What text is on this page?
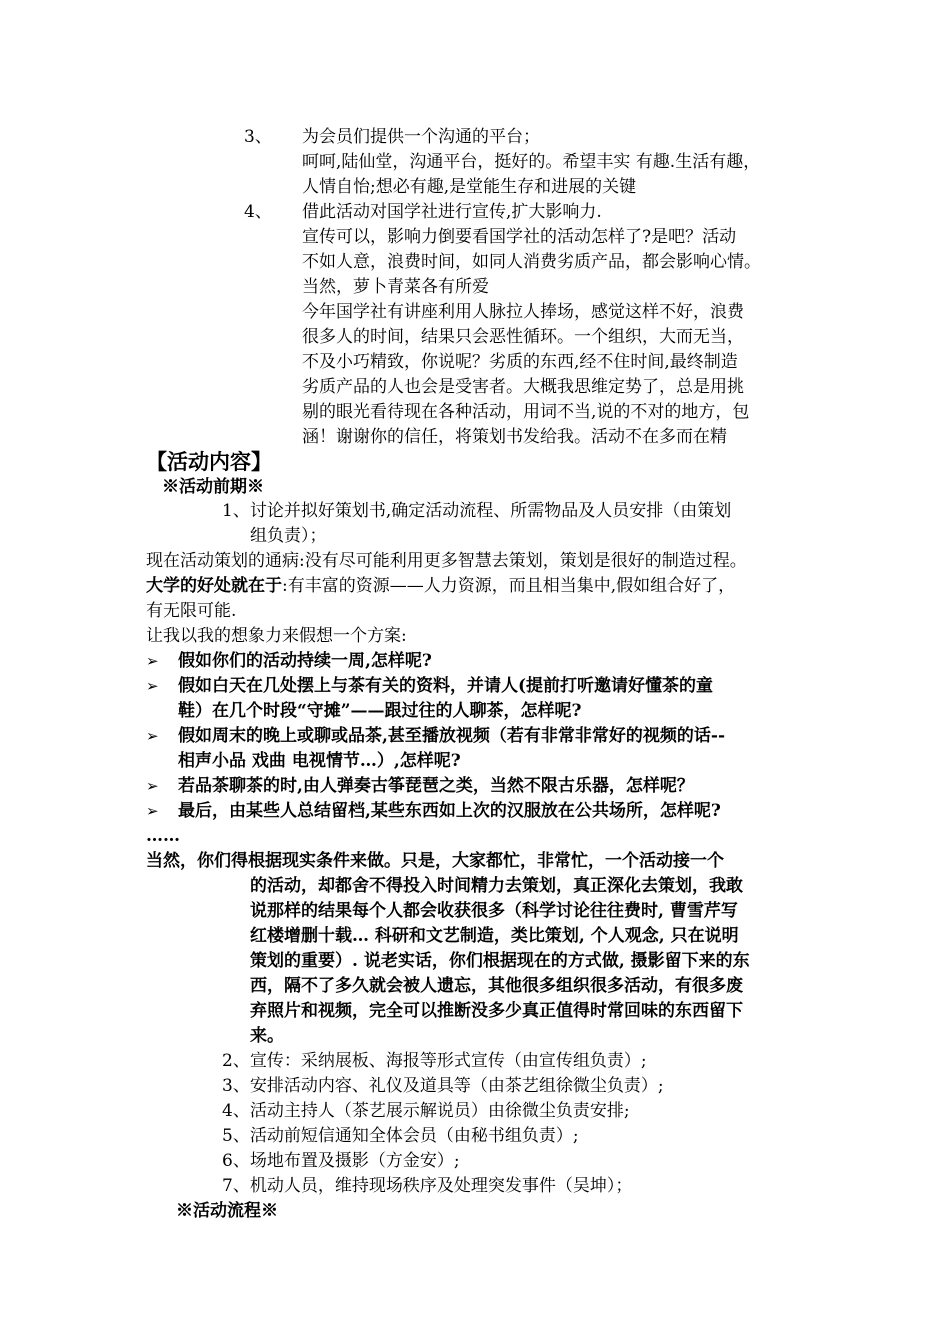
3、 为会员们提供一个沟通的平台；
呵呵,陆仙堂，沟通平台，挺好的。希望丰实 有趣.生活有趣，
人情自怡;想必有趣,是堂能生存和进展的关键
4、 借此活动对国学社进行宣传,扩大影响力.
宣传可以，影响力倒要看国学社的活动怎样了?是吧？活动
不如人意，浪费时间，如同人消费劣质产品，都会影响心情。
当然，萝卜青菜各有所爱
今年国学社有讲座利用人脉拉人捧场，感觉这样不好，浪费
很多人的时间，结果只会恶性循环。一个组织，大而无当，
不及小巧精致，你说呢？劣质的东西,经不住时间,最终制造
劣质产品的人也会是受害者。大概我思维定势了，总是用挑
剔的眼光看待现在各种活动，用词不当,说的不对的地方，包
涵！谢谢你的信任，将策划书发给我。活动不在多而在精
【活动内容】
※活动前期※
1、讨论并拟好策划书,确定活动流程、所需物品及人员安排（由策划
组负责）；
现在活动策划的通病:没有尽可能利用更多智慧去策划，策划是很好的制造过程。
大学的好处就在于:有丰富的资源——人力资源，而且相当集中,假如组合好了，
有无限可能.
让我以我的想象力来假想一个方案:
➢ 假如你们的活动持续一周,怎样呢?
➢ 假如白天在几处摆上与茶有关的资料，并请人(提前打听邀请好懂茶的童
鞋）在几个时段“守摊”——跟过往的人聊茶，怎样呢?
➢ 假如周末的晚上或聊或品茶,甚至播放视频（若有非常非常好的视频的话--
相声小品 戏曲 电视情节…）,怎样呢?
➢ 若品茶聊茶的时,由人弹奏古筝琵琶之类，当然不限古乐器，怎样呢？
➢ 最后，由某些人总结留档,某些东西如上次的汉服放在公共场所，怎样呢?
……
当然，你们得根据现实条件来做。只是，大家都忙，非常忙，一个活动接一个
的活动，却都舍不得投入时间精力去策划，真正深化去策划，我敢
说那样的结果每个人都会收获很多（科学讨论往往费时, 曹雪芹写
红楼增删十载… 科研和文艺制造，类比策划, 个人观念, 只在说明
策划的重要）. 说老实话，你们根据现在的方式做, 摄影留下来的东
西，隔不了多久就会被人遗忘，其他很多组织很多活动，有很多废
弃照片和视频，完全可以推断没多少真正值得时常回味的东西留下
来。
2、宣传：采纳展板、海报等形式宣传（由宣传组负责）;
3、安排活动内容、礼仪及道具等（由茶艺组徐微尘负责）;
4、活动主持人（茶艺展示解说员）由徐微尘负责安排;
5、活动前短信通知全体会员（由秘书组负责）;
6、场地布置及摄影（方金安）;
7、机动人员，维持现场秩序及处理突发事件（吴坤）；
※活动流程※
